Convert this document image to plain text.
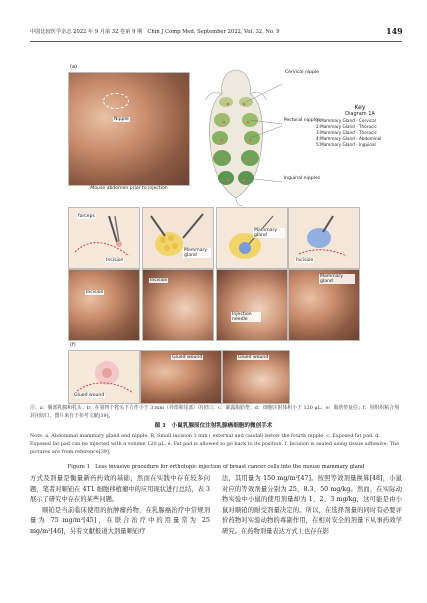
中国比较医学杂志 2022 年 9 月第 32 卷第 9 期　Chin J Comp Med, September 2022, Vol. 32, No. 9	149
(a)
Nipple
Mouse abdomen prior to injection
Cervical nipple
Pectoral nipples
Inguinal nipples
Key
Diagram 1A
1:Mammary Gland - Cervical
2:Mammary Gland - Thoracic
3:Mammary Gland - Thoracic
4:Mammary Gland - Abdominal
5:Mammary Gland - Inguinal
forceps
Incision
Incision
Mammary gland
Incision
Mammary gland
Injection needle
Incision
Mammary gland
(f)
Glued wound
Glued wound	Glued wound
注：a：腹部乳腺和乳头；b：在第四个乳头下方作小于 3 mm（外部和尾部）的切口；c：暴露脂肪垫；d：细胞注射体积小于 120 μL；e：脂肪垫复位；f：用组织粘合剂封闭切口。图片来自于参考文献[39]。
图 1　小鼠乳腺原位注射乳腺癌细胞的微创手术
Note. a, Abdominal mammary gland and nipple. B, Small incision 3 mm ( external and caudal) below the fourth nipple. c, Exposed fat pad. d, Exposed fat pad can be injected with a volume 120 μL. e, Fat pad is allowed to go back to its position. f, Incision is sealed using tissue adhesive. The pictures are from reference[39].
Figure 1　Less invasive procedure for orthotopic injection of breast cancer cells into the mouse mammary gland

方式及剂量是衡量新药药效的基础，然而在实践中存在较多问题，笔者对顺铂在 4T1 细胞移植瘤中的应用现状进行总结，表 3 展示了研究中存在的某些问题。

顺铂是当前临床使用的抗肿瘤药物，在乳腺癌治疗中常规剂量为 75 mg/m²[45]，在联合治疗中的用量常为 25 mg/m²[46]，另有文献报道大剂量顺铂疗

法，其用量为 150 mg/m²[47]。按照等效剂量换算[48]，小鼠对应的等效剂量分别为 25、8.3、50 mg/kg。然而，在实际动物实验中小鼠的使用剂量却为 1、2、3 mg/kg，这可能是由小鼠对顺铂的耐受剂量决定的。所以，在选择剂量的同时有必要评价药物对实验动物的毒副作用，在相对安全的剂量下从事药效学研究。在药物剂量表达方式上也存在影
